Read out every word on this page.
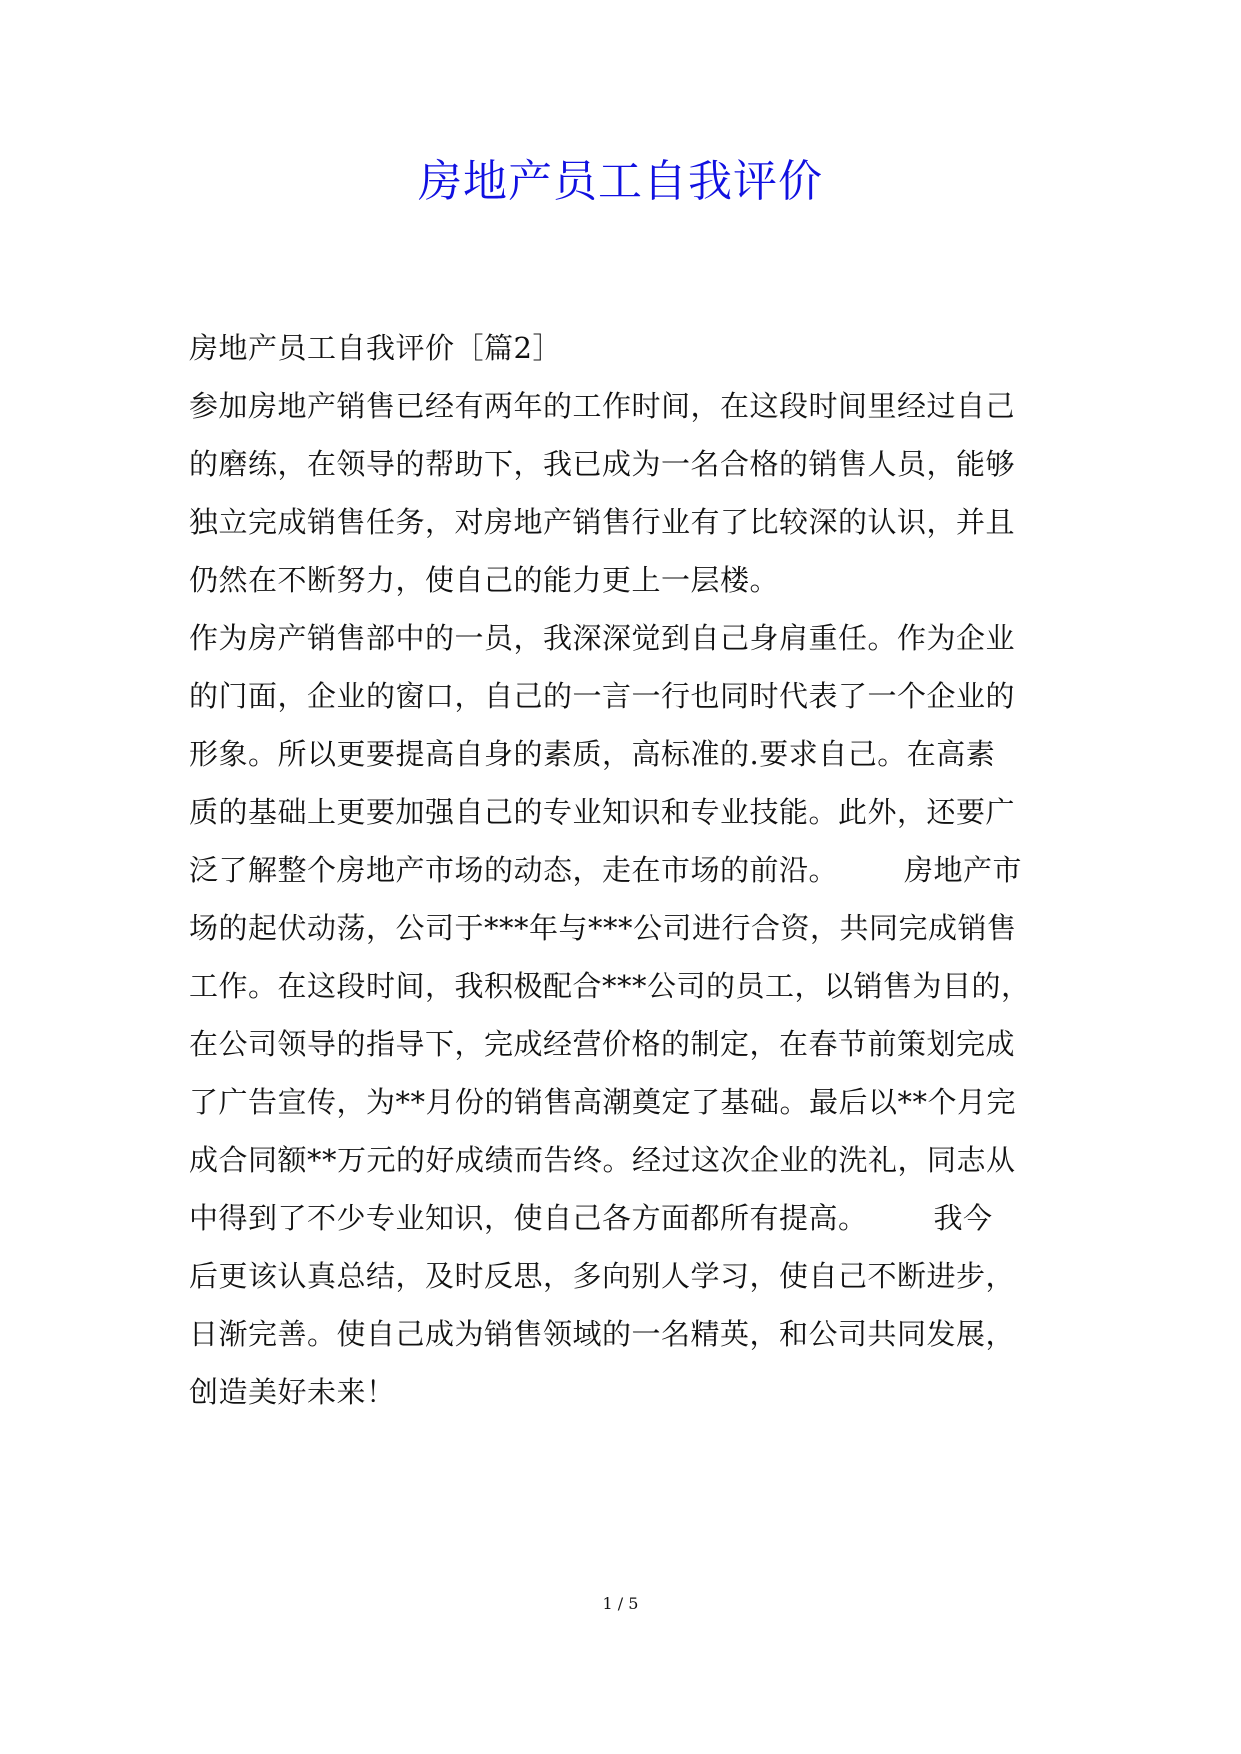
房地产员工自我评价
房地产员工自我评价［篇2］
参加房地产销售已经有两年的工作时间，在这段时间里经过自己
的磨练，在领导的帮助下，我已成为一名合格的销售人员，能够
独立完成销售任务，对房地产销售行业有了比较深的认识，并且
仍然在不断努力，使自己的能力更上一层楼。
作为房产销售部中的一员，我深深觉到自己身肩重任。作为企业
的门面，企业的窗口，自己的一言一行也同时代表了一个企业的
形象。所以更要提高自身的素质，高标准的.要求自己。在高素
质的基础上更要加强自己的专业知识和专业技能。此外，还要广
泛了解整个房地产市场的动态，走在市场的前沿。 房地产市
场的起伏动荡，公司于***年与***公司进行合资，共同完成销售
工作。在这段时间，我积极配合***公司的员工，以销售为目的，
在公司领导的指导下，完成经营价格的制定，在春节前策划完成
了广告宣传，为**月份的销售高潮奠定了基础。最后以**个月完
成合同额**万元的好成绩而告终。经过这次企业的洗礼，同志从
中得到了不少专业知识，使自己各方面都所有提高。 我今
后更该认真总结，及时反思，多向别人学习，使自己不断进步，
日渐完善。使自己成为销售领域的一名精英，和公司共同发展，
创造美好未来！
1 / 5
